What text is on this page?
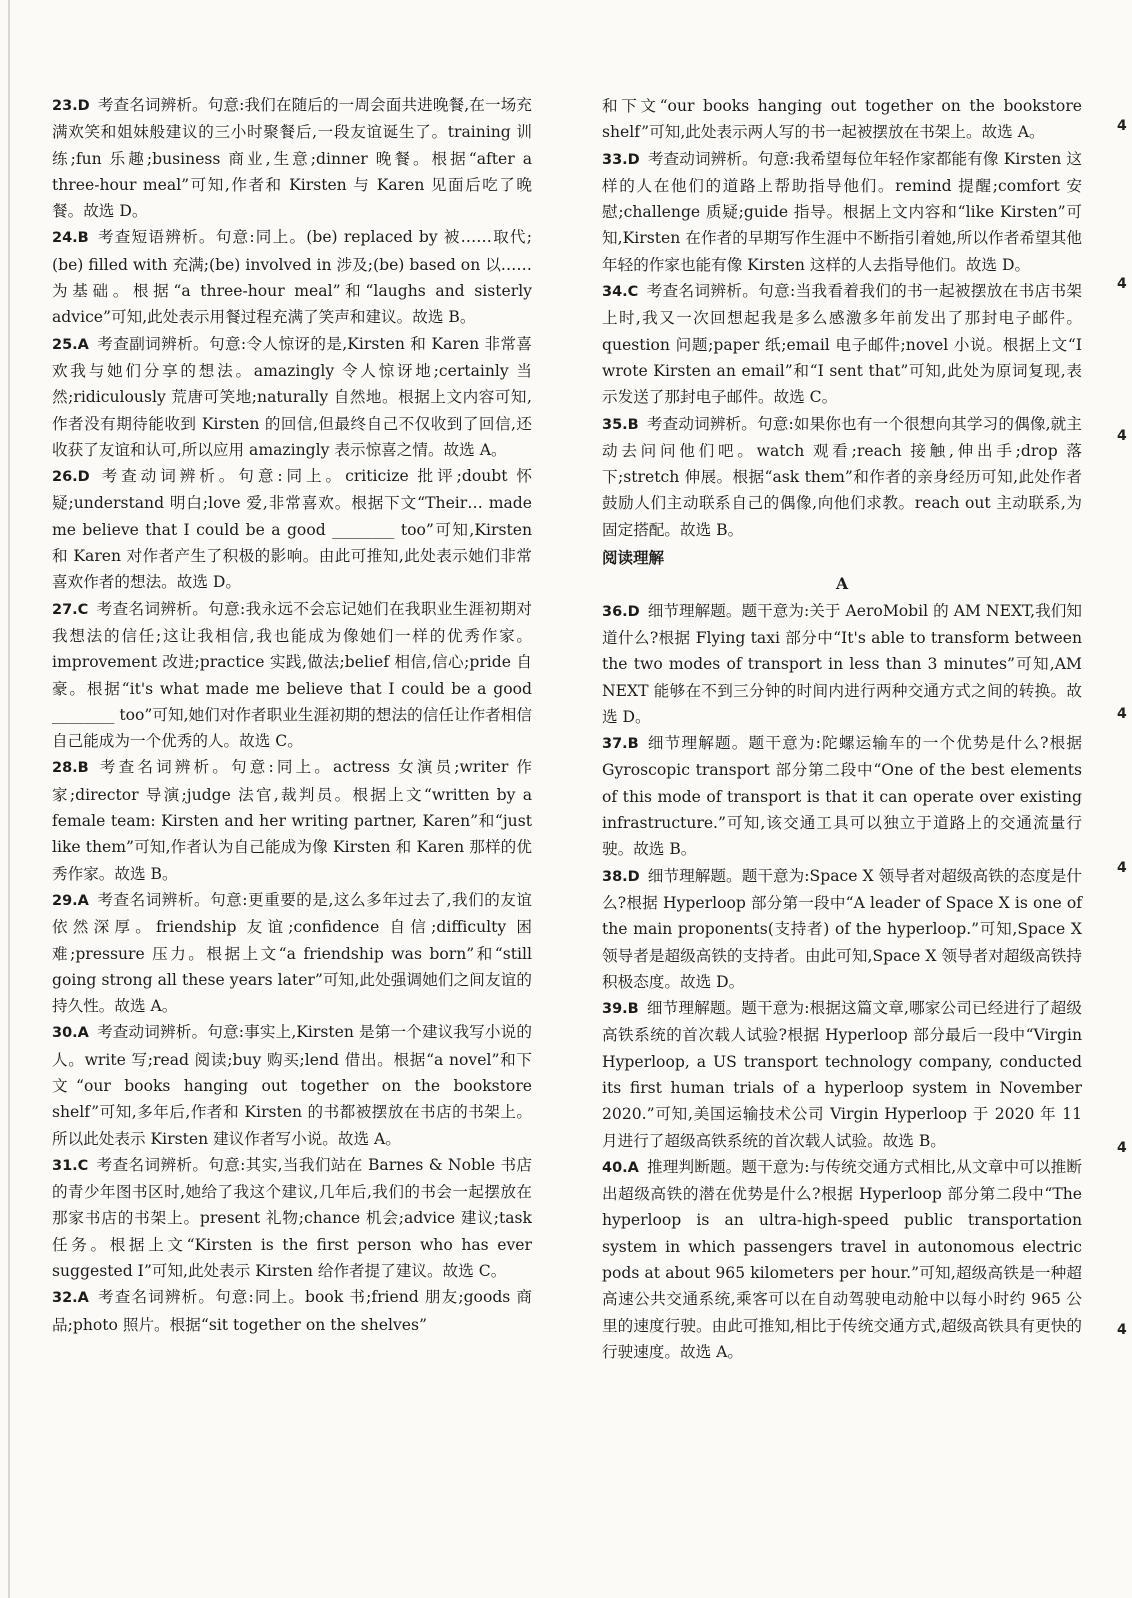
23.D 考查名词辨析。句意:我们在随后的一周会面共进晚餐,在一场充满欢笑和姐妹般建议的三小时聚餐后,一段友谊诞生了。training 训练;fun 乐趣;business 商业,生意;dinner 晚餐。根据“after a three-hour meal”可知,作者和 Kirsten 与 Karen 见面后吃了晚餐。故选 D。

24.B 考查短语辨析。句意:同上。(be) replaced by 被……取代;(be) filled with 充满;(be) involved in 涉及;(be) based on 以……为基础。根据“a three-hour meal”和“laughs and sisterly advice”可知,此处表示用餐过程充满了笑声和建议。故选 B。

25.A 考查副词辨析。句意:令人惊讶的是,Kirsten 和 Karen 非常喜欢我与她们分享的想法。amazingly 令人惊讶地;certainly 当然;ridiculously 荒唐可笑地;naturally 自然地。根据上文内容可知,作者没有期待能收到 Kirsten 的回信,但最终自己不仅收到了回信,还收获了友谊和认可,所以应用 amazingly 表示惊喜之情。故选 A。

26.D 考查动词辨析。句意:同上。criticize 批评;doubt 怀疑;understand 明白;love 爱,非常喜欢。根据下文“Their… made me believe that I could be a good ________ too”可知,Kirsten 和 Karen 对作者产生了积极的影响。由此可推知,此处表示她们非常喜欢作者的想法。故选 D。

27.C 考查名词辨析。句意:我永远不会忘记她们在我职业生涯初期对我想法的信任;这让我相信,我也能成为像她们一样的优秀作家。improvement 改进;practice 实践,做法;belief 相信,信心;pride 自豪。根据“it's what made me believe that I could be a good ________ too”可知,她们对作者职业生涯初期的想法的信任让作者相信自己能成为一个优秀的人。故选 C。

28.B 考查名词辨析。句意:同上。actress 女演员;writer 作家;director 导演;judge 法官,裁判员。根据上文“written by a female team: Kirsten and her writing partner, Karen”和“just like them”可知,作者认为自己能成为像 Kirsten 和 Karen 那样的优秀作家。故选 B。

29.A 考查名词辨析。句意:更重要的是,这么多年过去了,我们的友谊依然深厚。friendship 友谊;confidence 自信;difficulty 困难;pressure 压力。根据上文“a friendship was born”和“still going strong all these years later”可知,此处强调她们之间友谊的持久性。故选 A。

30.A 考查动词辨析。句意:事实上,Kirsten 是第一个建议我写小说的人。write 写;read 阅读;buy 购买;lend 借出。根据“a novel”和下文“our books hanging out together on the bookstore shelf”可知,多年后,作者和 Kirsten 的书都被摆放在书店的书架上。所以此处表示 Kirsten 建议作者写小说。故选 A。

31.C 考查名词辨析。句意:其实,当我们站在 Barnes & Noble 书店的青少年图书区时,她给了我这个建议,几年后,我们的书会一起摆放在那家书店的书架上。present 礼物;chance 机会;advice 建议;task 任务。根据上文“Kirsten is the first person who has ever suggested I”可知,此处表示 Kirsten 给作者提了建议。故选 C。

32.A 考查名词辨析。句意:同上。book 书;friend 朋友;goods 商品;photo 照片。根据“sit together on the shelves”

和下文“our books hanging out together on the bookstore shelf”可知,此处表示两人写的书一起被摆放在书架上。故选 A。

33.D 考查动词辨析。句意:我希望每位年轻作家都能有像 Kirsten 这样的人在他们的道路上帮助指导他们。remind 提醒;comfort 安慰;challenge 质疑;guide 指导。根据上文内容和“like Kirsten”可知,Kirsten 在作者的早期写作生涯中不断指引着她,所以作者希望其他年轻的作家也能有像 Kirsten 这样的人去指导他们。故选 D。

34.C 考查名词辨析。句意:当我看着我们的书一起被摆放在书店书架上时,我又一次回想起我是多么感激多年前发出了那封电子邮件。question 问题;paper 纸;email 电子邮件;novel 小说。根据上文“I wrote Kirsten an email”和“I sent that”可知,此处为原词复现,表示发送了那封电子邮件。故选 C。

35.B 考查动词辨析。句意:如果你也有一个很想向其学习的偶像,就主动去问问他们吧。watch 观看;reach 接触,伸出手;drop 落下;stretch 伸展。根据“ask them”和作者的亲身经历可知,此处作者鼓励人们主动联系自己的偶像,向他们求教。reach out 主动联系,为固定搭配。故选 B。

阅读理解

A

36.D 细节理解题。题干意为:关于 AeroMobil 的 AM NEXT,我们知道什么?根据 Flying taxi 部分中“It's able to transform between the two modes of transport in less than 3 minutes”可知,AM NEXT 能够在不到三分钟的时间内进行两种交通方式之间的转换。故选 D。

37.B 细节理解题。题干意为:陀螺运输车的一个优势是什么?根据 Gyroscopic transport 部分第二段中“One of the best elements of this mode of transport is that it can operate over existing infrastructure.”可知,该交通工具可以独立于道路上的交通流量行驶。故选 B。

38.D 细节理解题。题干意为:Space X 领导者对超级高铁的态度是什么?根据 Hyperloop 部分第一段中“A leader of Space X is one of the main proponents(支持者) of the hyperloop.”可知,Space X 领导者是超级高铁的支持者。由此可知,Space X 领导者对超级高铁持积极态度。故选 D。

39.B 细节理解题。题干意为:根据这篇文章,哪家公司已经进行了超级高铁系统的首次载人试验?根据 Hyperloop 部分最后一段中“Virgin Hyperloop, a US transport technology company, conducted its first human trials of a hyperloop system in November 2020.”可知,美国运输技术公司 Virgin Hyperloop 于 2020 年 11 月进行了超级高铁系统的首次载人试验。故选 B。

40.A 推理判断题。题干意为:与传统交通方式相比,从文章中可以推断出超级高铁的潜在优势是什么?根据 Hyperloop 部分第二段中“The hyperloop is an ultra-high-speed public transportation system in which passengers travel in autonomous electric pods at about 965 kilometers per hour.”可知,超级高铁是一种超高速公共交通系统,乘客可以在自动驾驶电动舱中以每小时约 965 公里的速度行驶。由此可推知,相比于传统交通方式,超级高铁具有更快的行驶速度。故选 A。

4
4
4
4
4
4
4
